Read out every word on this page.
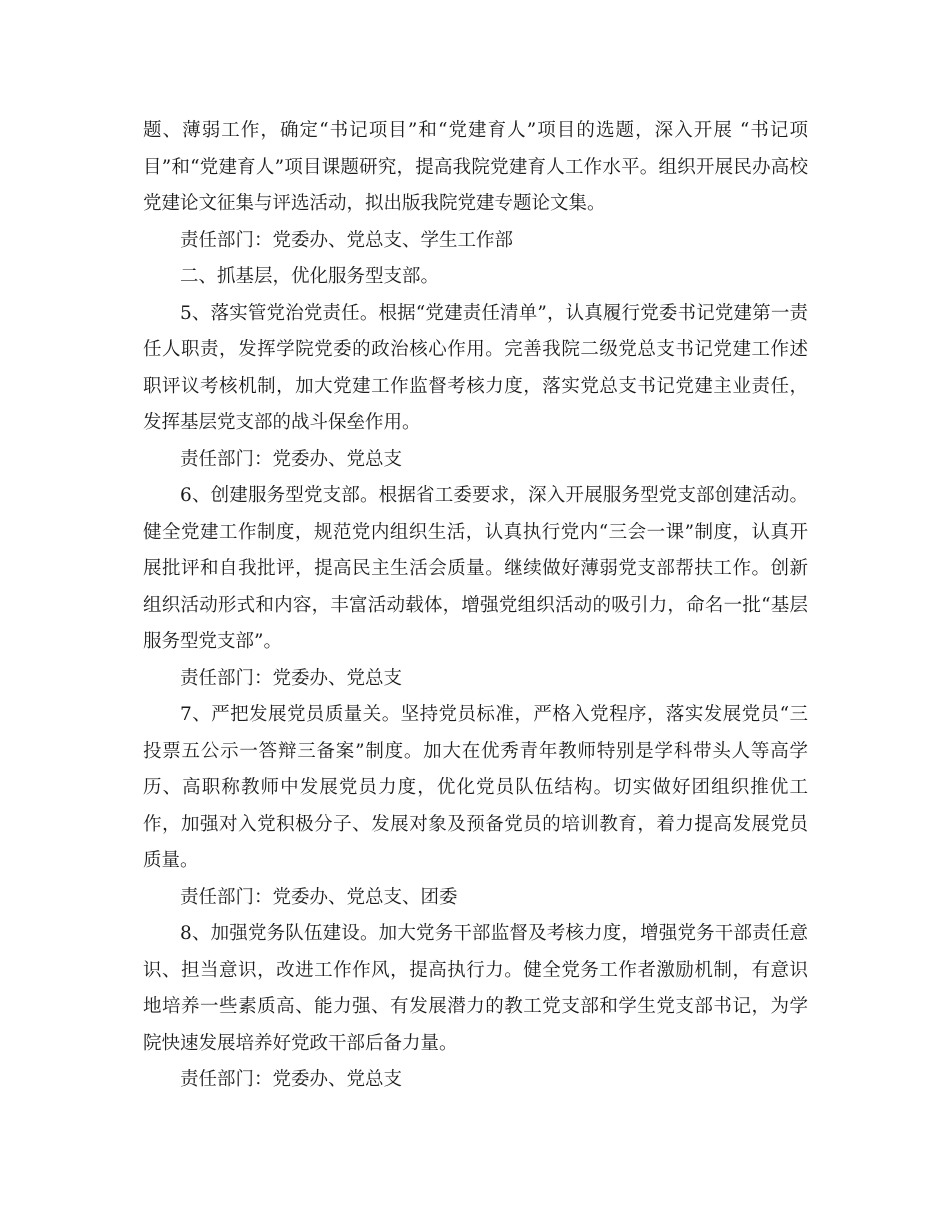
题、薄弱工作，确定“书记项目”和“党建育人”项目的选题，深入开展 “书记项目”和“党建育人”项目课题研究，提高我院党建育人工作水平。组织开展民办高校党建论文征集与评选活动，拟出版我院党建专题论文集。

责任部门：党委办、党总支、学生工作部

二、抓基层，优化服务型支部。

5、落实管党治党责任。根据“党建责任清单”，认真履行党委书记党建第一责任人职责，发挥学院党委的政治核心作用。完善我院二级党总支书记党建工作述职评议考核机制，加大党建工作监督考核力度，落实党总支书记党建主业责任，发挥基层党支部的战斗保垒作用。

责任部门：党委办、党总支

6、创建服务型党支部。根据省工委要求，深入开展服务型党支部创建活动。健全党建工作制度，规范党内组织生活，认真执行党内“三会一课”制度，认真开展批评和自我批评，提高民主生活会质量。继续做好薄弱党支部帮扶工作。创新组织活动形式和内容，丰富活动载体，增强党组织活动的吸引力，命名一批“基层服务型党支部”。

责任部门：党委办、党总支

7、严把发展党员质量关。坚持党员标准，严格入党程序，落实发展党员“三投票五公示一答辩三备案”制度。加大在优秀青年教师特别是学科带头人等高学历、高职称教师中发展党员力度，优化党员队伍结构。切实做好团组织推优工作，加强对入党积极分子、发展对象及预备党员的培训教育，着力提高发展党员质量。

责任部门：党委办、党总支、团委

8、加强党务队伍建设。加大党务干部监督及考核力度，增强党务干部责任意识、担当意识，改进工作作风，提高执行力。健全党务工作者激励机制，有意识地培养一些素质高、能力强、有发展潜力的教工党支部和学生党支部书记，为学院快速发展培养好党政干部后备力量。

责任部门：党委办、党总支
